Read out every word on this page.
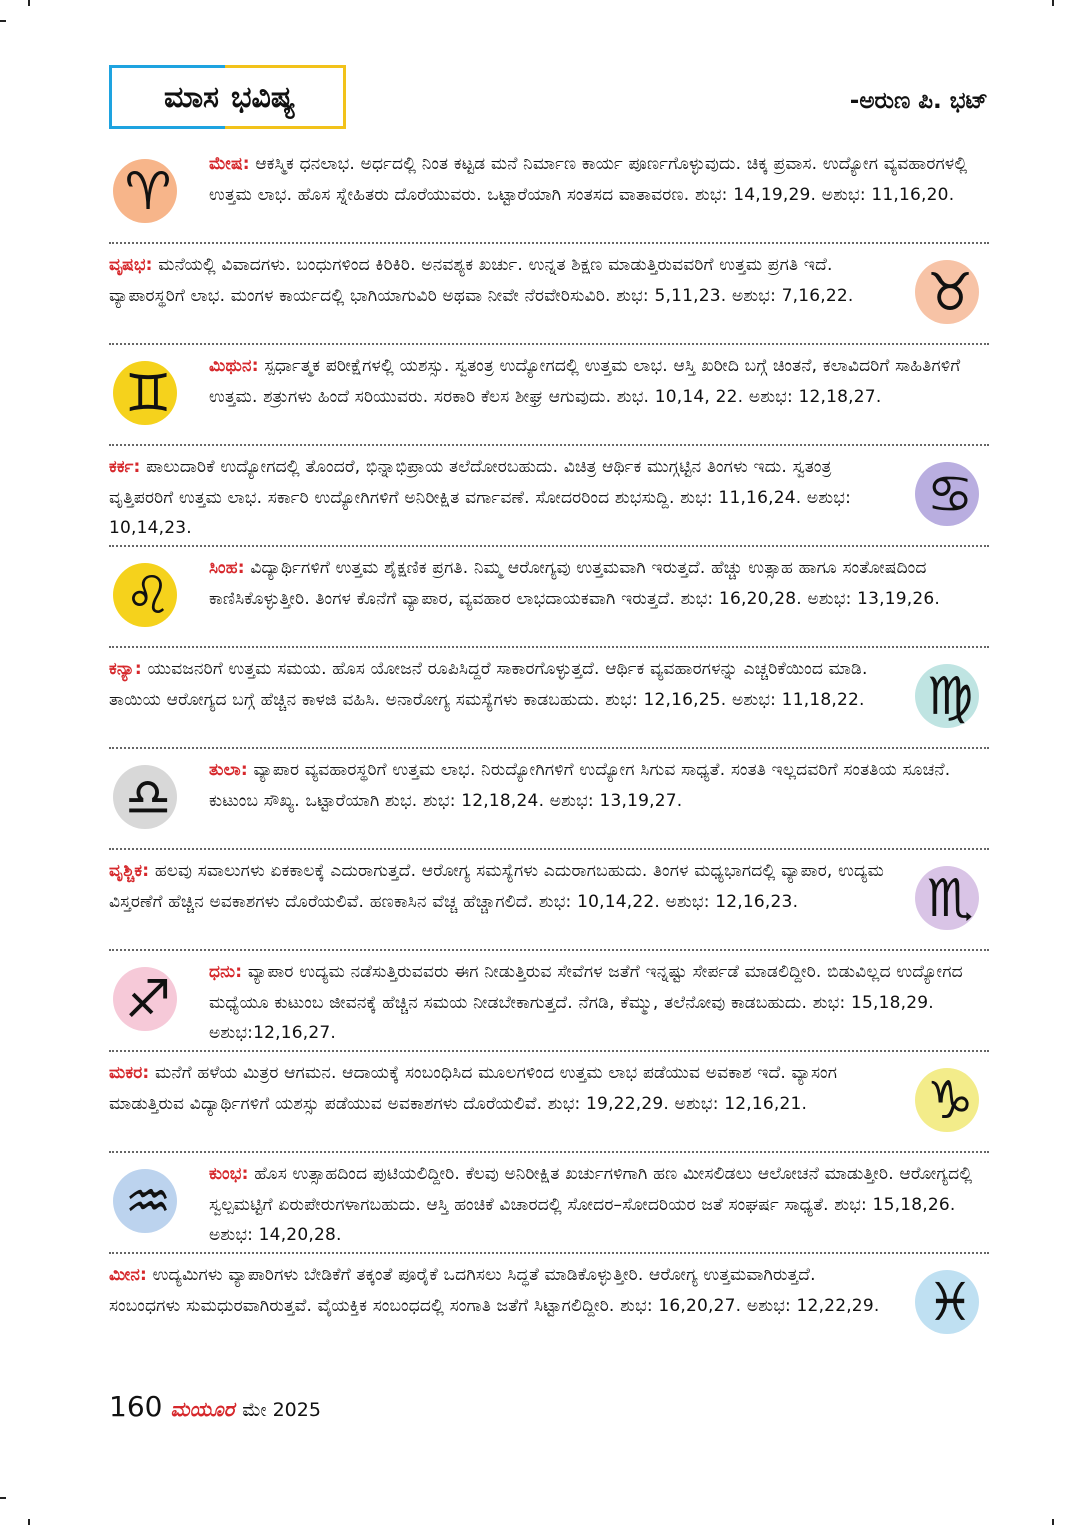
ಮಾಸ ಭವಿಷ್ಯ	-ಅರುಣ ಪಿ. ಭಟ್
♈	ಮೇಷ: ಆಕಸ್ಮಿಕ ಧನಲಾಭ. ಅರ್ಧದಲ್ಲಿ ನಿಂತ ಕಟ್ಟಡ ಮನೆ ನಿರ್ಮಾಣ ಕಾರ್ಯ ಪೂರ್ಣಗೊಳ್ಳುವುದು. ಚಿಕ್ಕ ಪ್ರವಾಸ. ಉದ್ಯೋಗ ವ್ಯವಹಾರಗಳಲ್ಲಿ ಉತ್ತಮ ಲಾಭ. ಹೊಸ ಸ್ನೇಹಿತರು ದೊರೆಯುವರು. ಒಟ್ಟಾರೆಯಾಗಿ ಸಂತಸದ ವಾತಾವರಣ. ಶುಭ: 14,19,29. ಅಶುಭ: 11,16,20.
♉
ವೃಷಭ: ಮನೆಯಲ್ಲಿ ವಿವಾದಗಳು. ಬಂಧುಗಳಿಂದ ಕಿರಿಕಿರಿ. ಅನವಶ್ಯಕ ಖರ್ಚು. ಉನ್ನತ ಶಿಕ್ಷಣ ಮಾಡುತ್ತಿರುವವರಿಗೆ ಉತ್ತಮ ಪ್ರಗತಿ ಇದೆ. ವ್ಯಾಪಾರಸ್ಥರಿಗೆ ಲಾಭ. ಮಂಗಳ ಕಾರ್ಯದಲ್ಲಿ ಭಾಗಿಯಾಗುವಿರಿ ಅಥವಾ ನೀವೇ ನೆರವೇರಿಸುವಿರಿ. ಶುಭ: 5,11,23. ಅಶುಭ: 7,16,22.
♊	ಮಿಥುನ: ಸ್ಪರ್ಧಾತ್ಮಕ ಪರೀಕ್ಷೆಗಳಲ್ಲಿ ಯಶಸ್ಸು. ಸ್ವತಂತ್ರ ಉದ್ಯೋಗದಲ್ಲಿ ಉತ್ತಮ ಲಾಭ. ಆಸ್ತಿ ಖರೀದಿ ಬಗ್ಗೆ ಚಿಂತನೆ, ಕಲಾವಿದರಿಗೆ ಸಾಹಿತಿಗಳಿಗೆ ಉತ್ತಮ. ಶತ್ರುಗಳು ಹಿಂದೆ ಸರಿಯುವರು. ಸರಕಾರಿ ಕೆಲಸ ಶೀಘ್ರ ಆಗುವುದು. ಶುಭ. 10,14, 22. ಅಶುಭ: 12,18,27.
♋
ಕರ್ಕ: ಪಾಲುದಾರಿಕೆ ಉದ್ಯೋಗದಲ್ಲಿ ತೊಂದರೆ, ಭಿನ್ನಾಭಿಪ್ರಾಯ ತಲೆದೋರಬಹುದು. ವಿಚಿತ್ರ ಆರ್ಥಿಕ ಮುಗ್ಗಟ್ಟಿನ ತಿಂಗಳು ಇದು. ಸ್ವತಂತ್ರ ವೃತ್ತಿಪರರಿಗೆ ಉತ್ತಮ ಲಾಭ. ಸರ್ಕಾರಿ ಉದ್ಯೋಗಿಗಳಿಗೆ ಅನಿರೀಕ್ಷಿತ ವರ್ಗಾವಣೆ. ಸೋದರರಿಂದ ಶುಭಸುದ್ದಿ. ಶುಭ: 11,16,24. ಅಶುಭ: 10,14,23.
♌	ಸಿಂಹ: ವಿದ್ಯಾರ್ಥಿಗಳಿಗೆ ಉತ್ತಮ ಶೈಕ್ಷಣಿಕ ಪ್ರಗತಿ. ನಿಮ್ಮ ಆರೋಗ್ಯವು ಉತ್ತಮವಾಗಿ ಇರುತ್ತದೆ. ಹೆಚ್ಚು ಉತ್ಸಾಹ ಹಾಗೂ ಸಂತೋಷದಿಂದ ಕಾಣಿಸಿಕೊಳ್ಳುತ್ತೀರಿ. ತಿಂಗಳ ಕೊನೆಗೆ ವ್ಯಾಪಾರ, ವ್ಯವಹಾರ ಲಾಭದಾಯಕವಾಗಿ ಇರುತ್ತದೆ. ಶುಭ: 16,20,28. ಅಶುಭ: 13,19,26.
♍
ಕನ್ಯಾ: ಯುವಜನರಿಗೆ ಉತ್ತಮ ಸಮಯ. ಹೊಸ ಯೋಜನೆ ರೂಪಿಸಿದ್ದರೆ ಸಾಕಾರಗೊಳ್ಳುತ್ತದೆ. ಆರ್ಥಿಕ ವ್ಯವಹಾರಗಳನ್ನು ಎಚ್ಚರಿಕೆಯಿಂದ ಮಾಡಿ. ತಾಯಿಯ ಆರೋಗ್ಯದ ಬಗ್ಗೆ ಹೆಚ್ಚಿನ ಕಾಳಜಿ ವಹಿಸಿ. ಅನಾರೋಗ್ಯ ಸಮಸ್ಯೆಗಳು ಕಾಡಬಹುದು. ಶುಭ: 12,16,25. ಅಶುಭ: 11,18,22.
♎	ತುಲಾ: ವ್ಯಾಪಾರ ವ್ಯವಹಾರಸ್ಥರಿಗೆ ಉತ್ತಮ ಲಾಭ. ನಿರುದ್ಯೋಗಿಗಳಿಗೆ ಉದ್ಯೋಗ ಸಿಗುವ ಸಾಧ್ಯತೆ. ಸಂತತಿ ಇಲ್ಲದವರಿಗೆ ಸಂತತಿಯ ಸೂಚನೆ. ಕುಟುಂಬ ಸೌಖ್ಯ. ಒಟ್ಟಾರೆಯಾಗಿ ಶುಭ. ಶುಭ: 12,18,24. ಅಶುಭ: 13,19,27.
♏
ವೃಶ್ಚಿಕ: ಹಲವು ಸವಾಲುಗಳು ಏಕಕಾಲಕ್ಕೆ ಎದುರಾಗುತ್ತದೆ. ಆರೋಗ್ಯ ಸಮಸ್ಯೆಗಳು ಎದುರಾಗಬಹುದು. ತಿಂಗಳ ಮಧ್ಯಭಾಗದಲ್ಲಿ ವ್ಯಾಪಾರ, ಉದ್ಯಮ ವಿಸ್ತರಣೆಗೆ ಹೆಚ್ಚಿನ ಅವಕಾಶಗಳು ದೊರೆಯಲಿವೆ. ಹಣಕಾಸಿನ ವೆಚ್ಚ ಹೆಚ್ಚಾಗಲಿದೆ. ಶುಭ: 10,14,22. ಅಶುಭ: 12,16,23.
♐	ಧನು: ವ್ಯಾಪಾರ ಉದ್ಯಮ ನಡೆಸುತ್ತಿರುವವರು ಈಗ ನೀಡುತ್ತಿರುವ ಸೇವೆಗಳ ಜತೆಗೆ ಇನ್ನಷ್ಟು ಸೇರ್ಪಡೆ ಮಾಡಲಿದ್ದೀರಿ. ಬಿಡುವಿಲ್ಲದ ಉದ್ಯೋಗದ ಮಧ್ಯೆಯೂ ಕುಟುಂಬ ಜೀವನಕ್ಕೆ ಹೆಚ್ಚಿನ ಸಮಯ ನೀಡಬೇಕಾಗುತ್ತದೆ. ನೆಗಡಿ, ಕೆಮ್ಮು, ತಲೆನೋವು ಕಾಡಬಹುದು. ಶುಭ: 15,18,29. ಅಶುಭ:12,16,27.
♑
ಮಕರ: ಮನೆಗೆ ಹಳೆಯ ಮಿತ್ರರ ಆಗಮನ. ಆದಾಯಕ್ಕೆ ಸಂಬಂಧಿಸಿದ ಮೂಲಗಳಿಂದ ಉತ್ತಮ ಲಾಭ ಪಡೆಯುವ ಅವಕಾಶ ಇದೆ. ವ್ಯಾಸಂಗ ಮಾಡುತ್ತಿರುವ ವಿದ್ಯಾರ್ಥಿಗಳಿಗೆ ಯಶಸ್ಸು ಪಡೆಯುವ ಅವಕಾಶಗಳು ದೊರೆಯಲಿವೆ. ಶುಭ: 19,22,29. ಅಶುಭ: 12,16,21.
♒	ಕುಂಭ: ಹೊಸ ಉತ್ಸಾಹದಿಂದ ಪುಟಿಯಲಿದ್ದೀರಿ. ಕೆಲವು ಅನಿರೀಕ್ಷಿತ ಖರ್ಚುಗಳಿಗಾಗಿ ಹಣ ಮೀಸಲಿಡಲು ಆಲೋಚನೆ ಮಾಡುತ್ತೀರಿ. ಆರೋಗ್ಯದಲ್ಲಿ ಸ್ವಲ್ಪಮಟ್ಟಿಗೆ ಏರುಪೇರುಗಳಾಗಬಹುದು. ಆಸ್ತಿ ಹಂಚಿಕೆ ವಿಚಾರದಲ್ಲಿ ಸೋದರ–ಸೋದರಿಯರ ಜತೆ ಸಂಘರ್ಷ ಸಾಧ್ಯತೆ. ಶುಭ: 15,18,26. ಅಶುಭ: 14,20,28.
♓
ಮೀನ: ಉದ್ಯಮಿಗಳು ವ್ಯಾಪಾರಿಗಳು ಬೇಡಿಕೆಗೆ ತಕ್ಕಂತೆ ಪೂರೈಕೆ ಒದಗಿಸಲು ಸಿದ್ಧತೆ ಮಾಡಿಕೊಳ್ಳುತ್ತೀರಿ. ಆರೋಗ್ಯ ಉತ್ತಮವಾಗಿರುತ್ತದೆ. ಸಂಬಂಧಗಳು ಸುಮಧುರವಾಗಿರುತ್ತವೆ. ವೈಯಕ್ತಿಕ ಸಂಬಂಧದಲ್ಲಿ ಸಂಗಾತಿ ಜತೆಗೆ ಸಿಟ್ಟಾಗಲಿದ್ದೀರಿ. ಶುಭ: 16,20,27. ಅಶುಭ: 12,22,29.
160 ಮಯೂರ ಮೇ 2025
